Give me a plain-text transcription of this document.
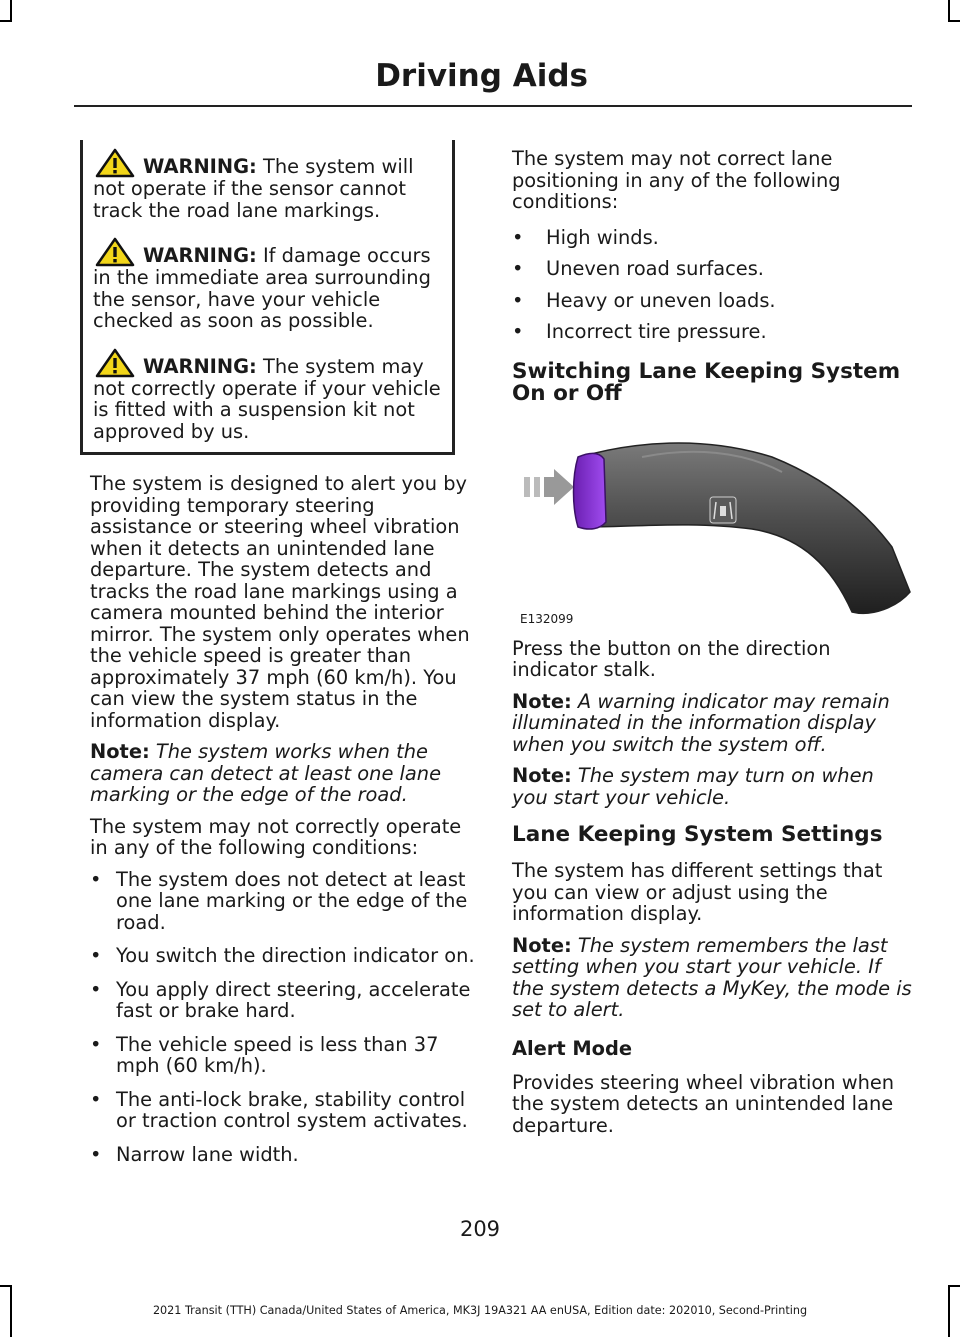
Driving Aids

WARNING: The system will not operate if the sensor cannot track the road lane markings.

WARNING: If damage occurs in the immediate area surrounding the sensor, have your vehicle checked as soon as possible.

WARNING: The system may not correctly operate if your vehicle is fitted with a suspension kit not approved by us.

The system is designed to alert you by providing temporary steering assistance or steering wheel vibration when it detects an unintended lane departure. The system detects and tracks the road lane markings using a camera mounted behind the interior mirror. The system only operates when the vehicle speed is greater than approximately 37 mph (60 km/h). You can view the system status in the information display.

Note: The system works when the camera can detect at least one lane marking or the edge of the road.

The system may not correctly operate in any of the following conditions:

• The system does not detect at least one lane marking or the edge of the road.
• You switch the direction indicator on.
• You apply direct steering, accelerate fast or brake hard.
• The vehicle speed is less than 37 mph (60 km/h).
• The anti-lock brake, stability control or traction control system activates.
• Narrow lane width.

The system may not correct lane positioning in any of the following conditions:

• High winds.
• Uneven road surfaces.
• Heavy or uneven loads.
• Incorrect tire pressure.
Switching Lane Keeping System On or Off
E132099

Press the button on the direction indicator stalk.

Note: A warning indicator may remain illuminated in the information display when you switch the system off.

Note: The system may turn on when you start your vehicle.

Lane Keeping System Settings

The system has different settings that you can view or adjust using the information display.

Note: The system remembers the last setting when you start your vehicle. If the system detects a MyKey, the mode is set to alert.

Alert Mode

Provides steering wheel vibration when the system detects an unintended lane departure.

209
2021 Transit (TTH) Canada/United States of America, MK3J 19A321 AA enUSA, Edition date: 202010, Second-Printing
